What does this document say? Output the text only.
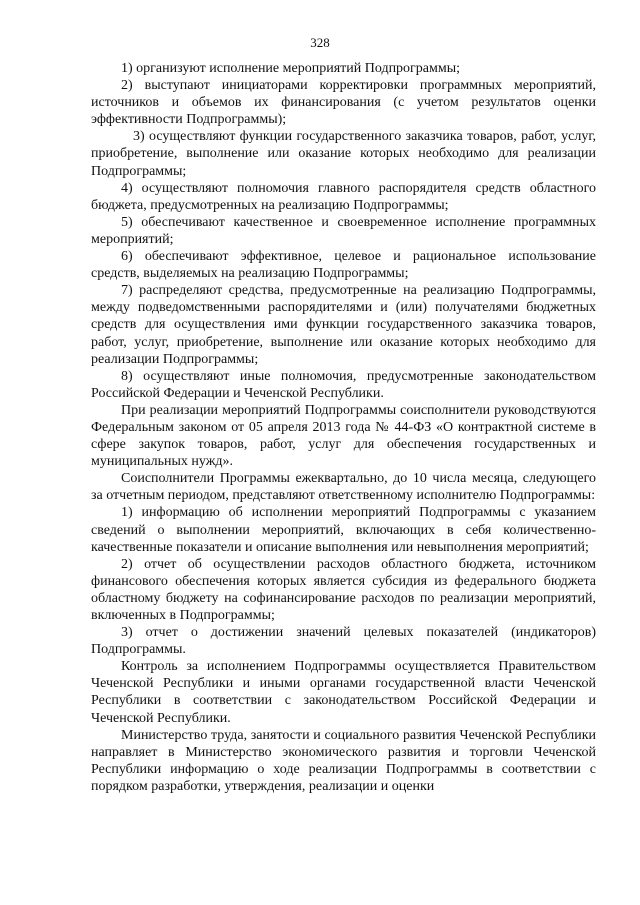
328

1) организуют исполнение мероприятий Подпрограммы;

2) выступают инициаторами корректировки программных мероприятий, источников и объемов их финансирования (с учетом результатов оценки эффективности Подпрограммы);

3) осуществляют функции государственного заказчика товаров, работ, услуг, приобретение, выполнение или оказание которых необходимо для реализации Подпрограммы;

4) осуществляют полномочия главного распорядителя средств областного бюджета, предусмотренных на реализацию Подпрограммы;

5) обеспечивают качественное и своевременное исполнение программных мероприятий;

6) обеспечивают эффективное, целевое и рациональное использование средств, выделяемых на реализацию Подпрограммы;

7) распределяют средства, предусмотренные на реализацию Подпрограммы, между подведомственными распорядителями и (или) получателями бюджетных средств для осуществления ими функции государственного заказчика товаров, работ, услуг, приобретение, выполнение или оказание которых необходимо для реализации Подпрограммы;

8) осуществляют иные полномочия, предусмотренные законодательством Российской Федерации и Чеченской Республики.

При реализации мероприятий Подпрограммы соисполнители руководствуются Федеральным законом от 05 апреля 2013 года № 44-ФЗ «О контрактной системе в сфере закупок товаров, работ, услуг для обеспечения государственных и муниципальных нужд».

Соисполнители Программы ежеквартально, до 10 числа месяца, следующего за отчетным периодом, представляют ответственному исполнителю Подпрограммы:

1) информацию об исполнении мероприятий Подпрограммы с указанием сведений о выполнении мероприятий, включающих в себя количественно-качественные показатели и описание выполнения или невыполнения мероприятий;

2) отчет об осуществлении расходов областного бюджета, источником финансового обеспечения которых является субсидия из федерального бюджета областному бюджету на софинансирование расходов по реализации мероприятий, включенных в Подпрограммы;

3) отчет о достижении значений целевых показателей (индикаторов) Подпрограммы.

Контроль за исполнением Подпрограммы осуществляется Правительством Чеченской Республики и иными органами государственной власти Чеченской Республики в соответствии с законодательством Российской Федерации и Чеченской Республики.

Министерство труда, занятости и социального развития Чеченской Республики направляет в Министерство экономического развития и торговли Чеченской Республики информацию о ходе реализации Подпрограммы в соответствии с порядком разработки, утверждения, реализации и оценки
